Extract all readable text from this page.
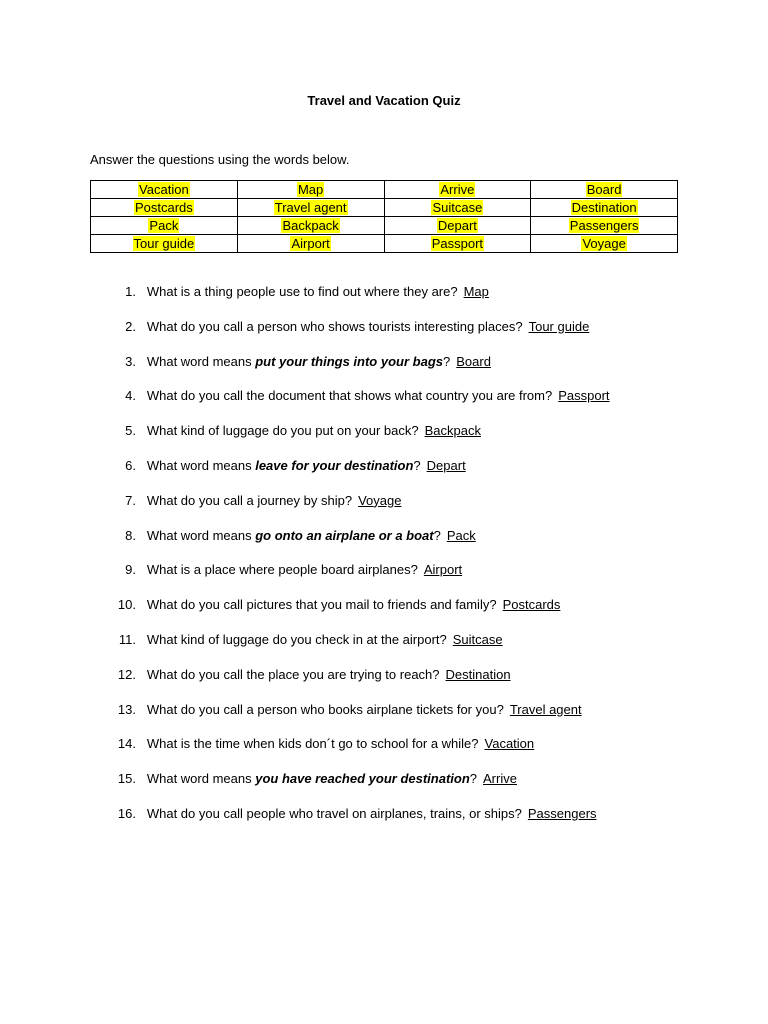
Travel and Vacation Quiz
Answer the questions using the words below.
Vacation	Map	Arrive	Board
Postcards	Travel agent	Suitcase	Destination
Pack	Backpack	Depart	Passengers
Tour guide	Airport	Passport	Voyage
1. What is a thing people use to find out where they are? Map
2. What do you call a person who shows tourists interesting places? Tour guide
3. What word means put your things into your bags? Board
4. What do you call the document that shows what country you are from? Passport
5. What kind of luggage do you put on your back? Backpack
6. What word means leave for your destination? Depart
7. What do you call a journey by ship? Voyage
8. What word means go onto an airplane or a boat? Pack
9. What is a place where people board airplanes? Airport
10. What do you call pictures that you mail to friends and family? Postcards
11. What kind of luggage do you check in at the airport? Suitcase
12. What do you call the place you are trying to reach? Destination
13. What do you call a person who books airplane tickets for you? Travel agent
14. What is the time when kids don´t go to school for a while? Vacation
15. What word means you have reached your destination? Arrive
16. What do you call people who travel on airplanes, trains, or ships? Passengers
